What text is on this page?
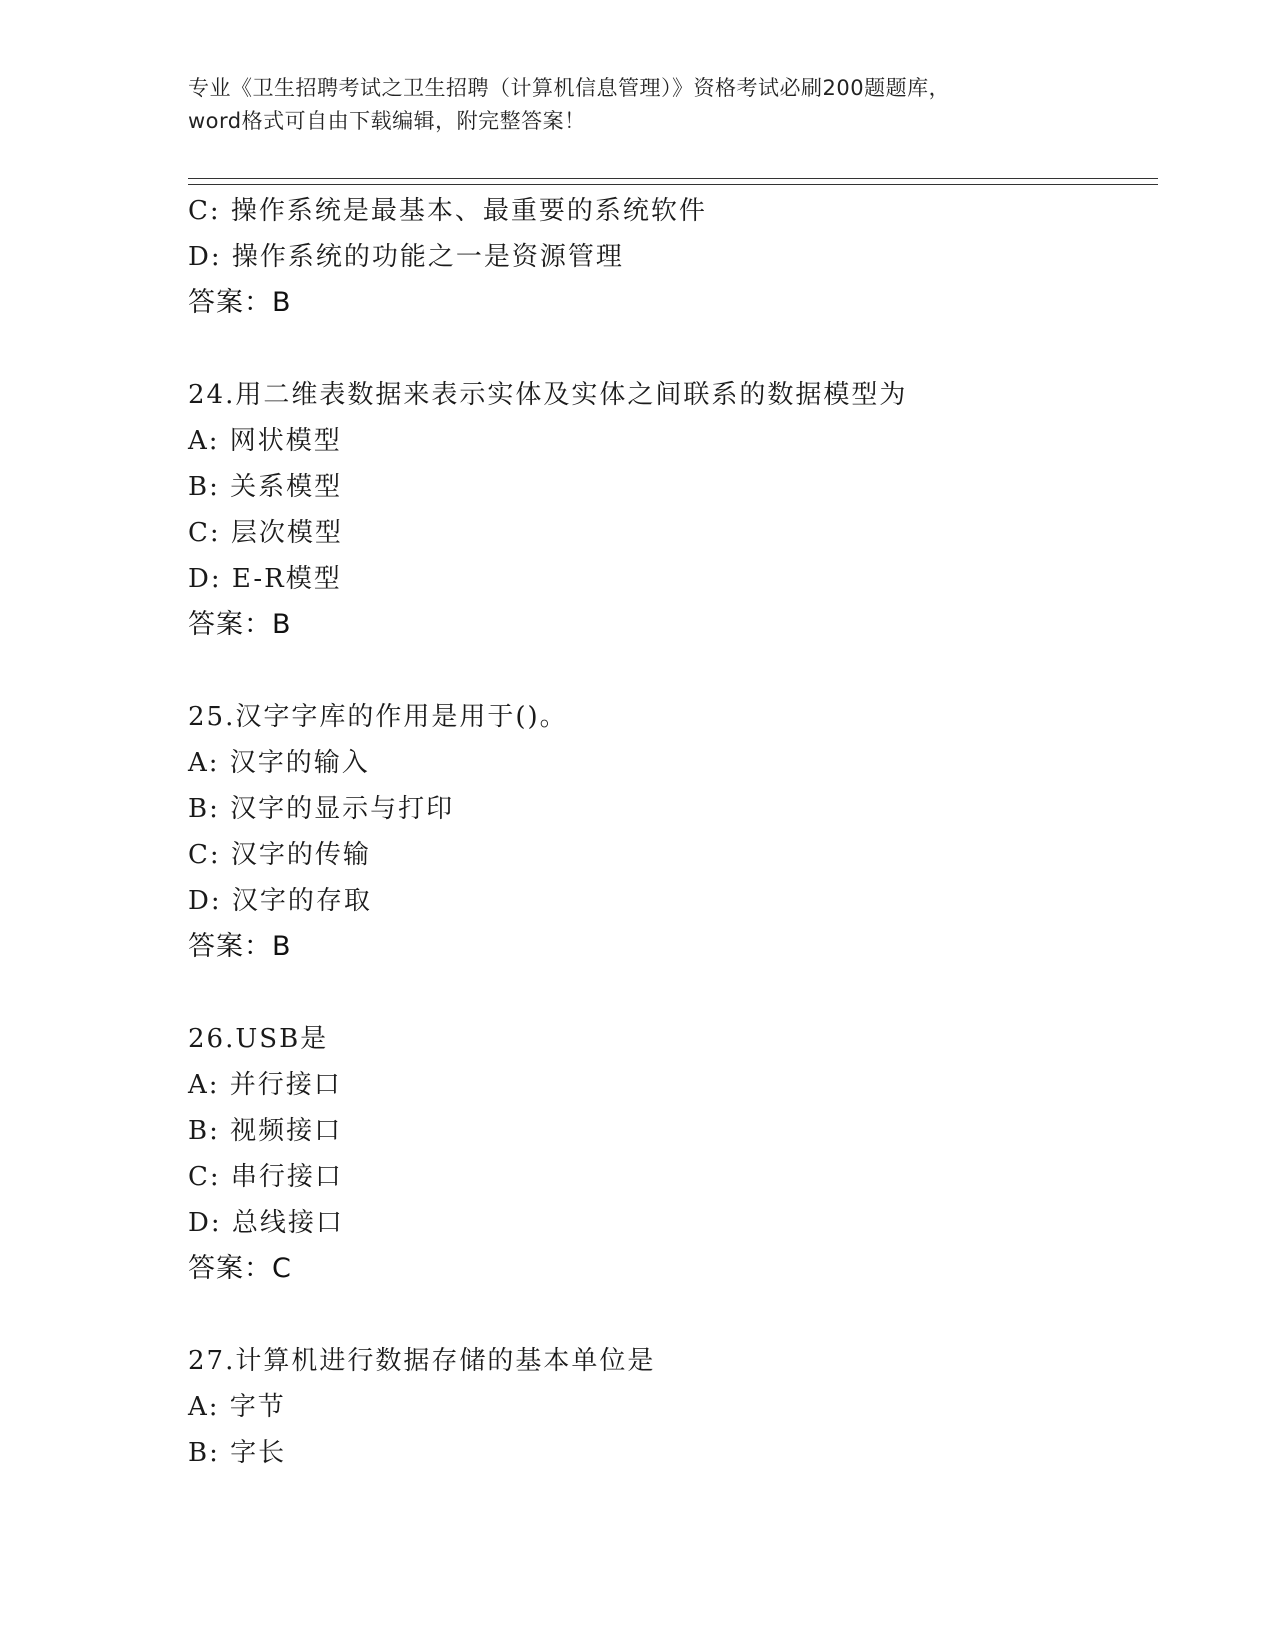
专业《卫生招聘考试之卫生招聘（计算机信息管理）》资格考试必刷200题题库，
word格式可自由下载编辑，附完整答案！
C: 操作系统是最基本、最重要的系统软件
D: 操作系统的功能之一是资源管理
答案：B
24.用二维表数据来表示实体及实体之间联系的数据模型为
A: 网状模型
B: 关系模型
C: 层次模型
D: E-R模型
答案：B
25.汉字字库的作用是用于()。
A: 汉字的输入
B: 汉字的显示与打印
C: 汉字的传输
D: 汉字的存取
答案：B
26.USB是
A: 并行接口
B: 视频接口
C: 串行接口
D: 总线接口
答案：C
27.计算机进行数据存储的基本单位是
A: 字节
B: 字长
